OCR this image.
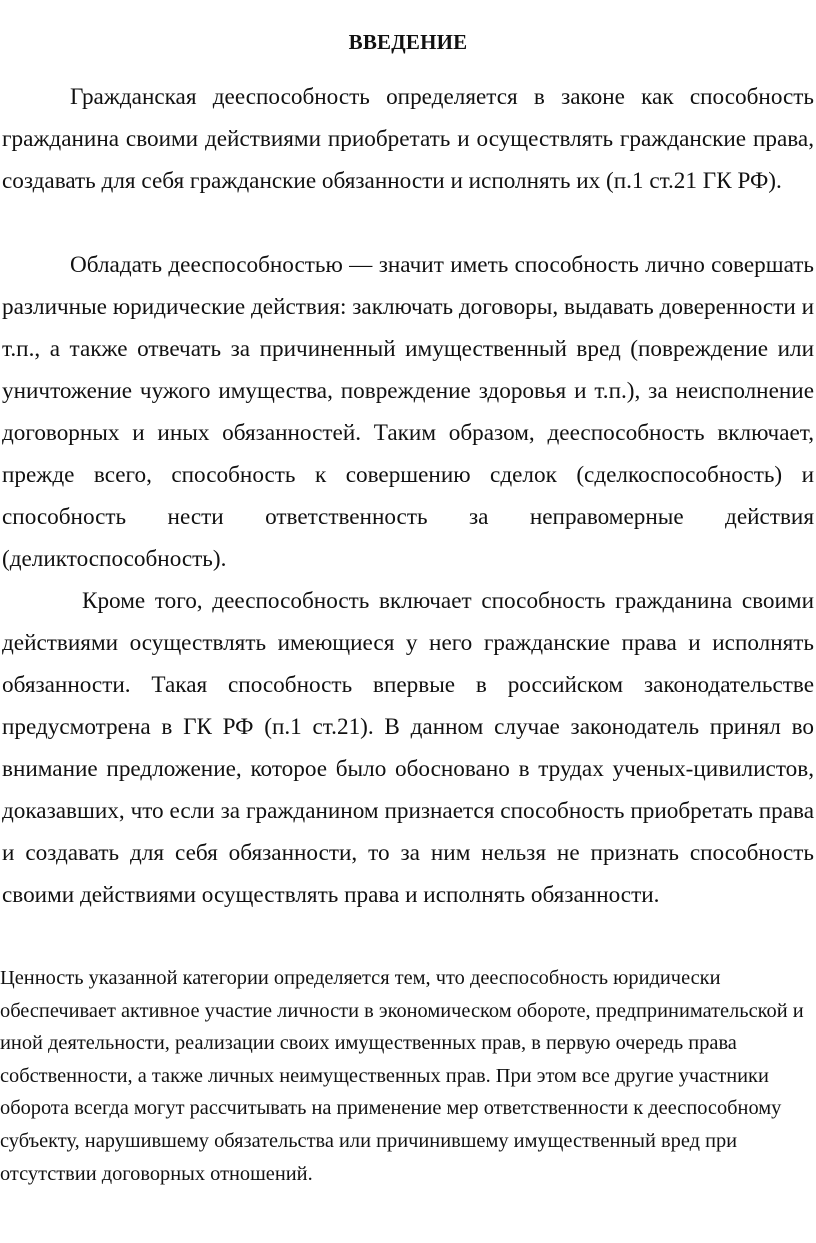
ВВЕДЕНИЕ

Гражданская дееспособность определяется в законе как способность гражданина своими действиями приобретать и осуществлять гражданские права, создавать для себя гражданские обязанности и исполнять их (п.1 ст.21 ГК РФ).

Обладать дееспособностью — значит иметь способность лично совершать различные юридические действия: заключать договоры, выдавать доверенности и т.п., а также отвечать за причиненный имущественный вред (повреждение или уничтожение чужого имущества, повреждение здоровья и т.п.), за неисполнение договорных и иных обязанностей. Таким образом, дееспособность включает, прежде всего, способность к совершению сделок (сделкоспособность) и способность нести ответственность за неправомерные действия (деликтоспособность).

Кроме того, дееспособность включает способность гражданина своими действиями осуществлять имеющиеся у него гражданские права и исполнять обязанности. Такая способность впервые в российском законодательстве предусмотрена в ГК РФ (п.1 ст.21). В данном случае законодатель принял во внимание предложение, которое было обосновано в трудах ученых-цивилистов, доказавших, что если за гражданином признается способность приобретать права и создавать для себя обязанности, то за ним нельзя не признать способность своими действиями осуществлять права и исполнять обязанности.

Ценность указанной категории определяется тем, что дееспособность юридически обеспечивает активное участие личности в экономическом обороте, предпринимательской и иной деятельности, реализации своих имущественных прав, в первую очередь права собственности, а также личных неимущественных прав. При этом все другие участники оборота всегда могут рассчитывать на применение мер ответственности к дееспособному субъекту, нарушившему обязательства или причинившему имущественный вред при отсутствии договорных отношений.
